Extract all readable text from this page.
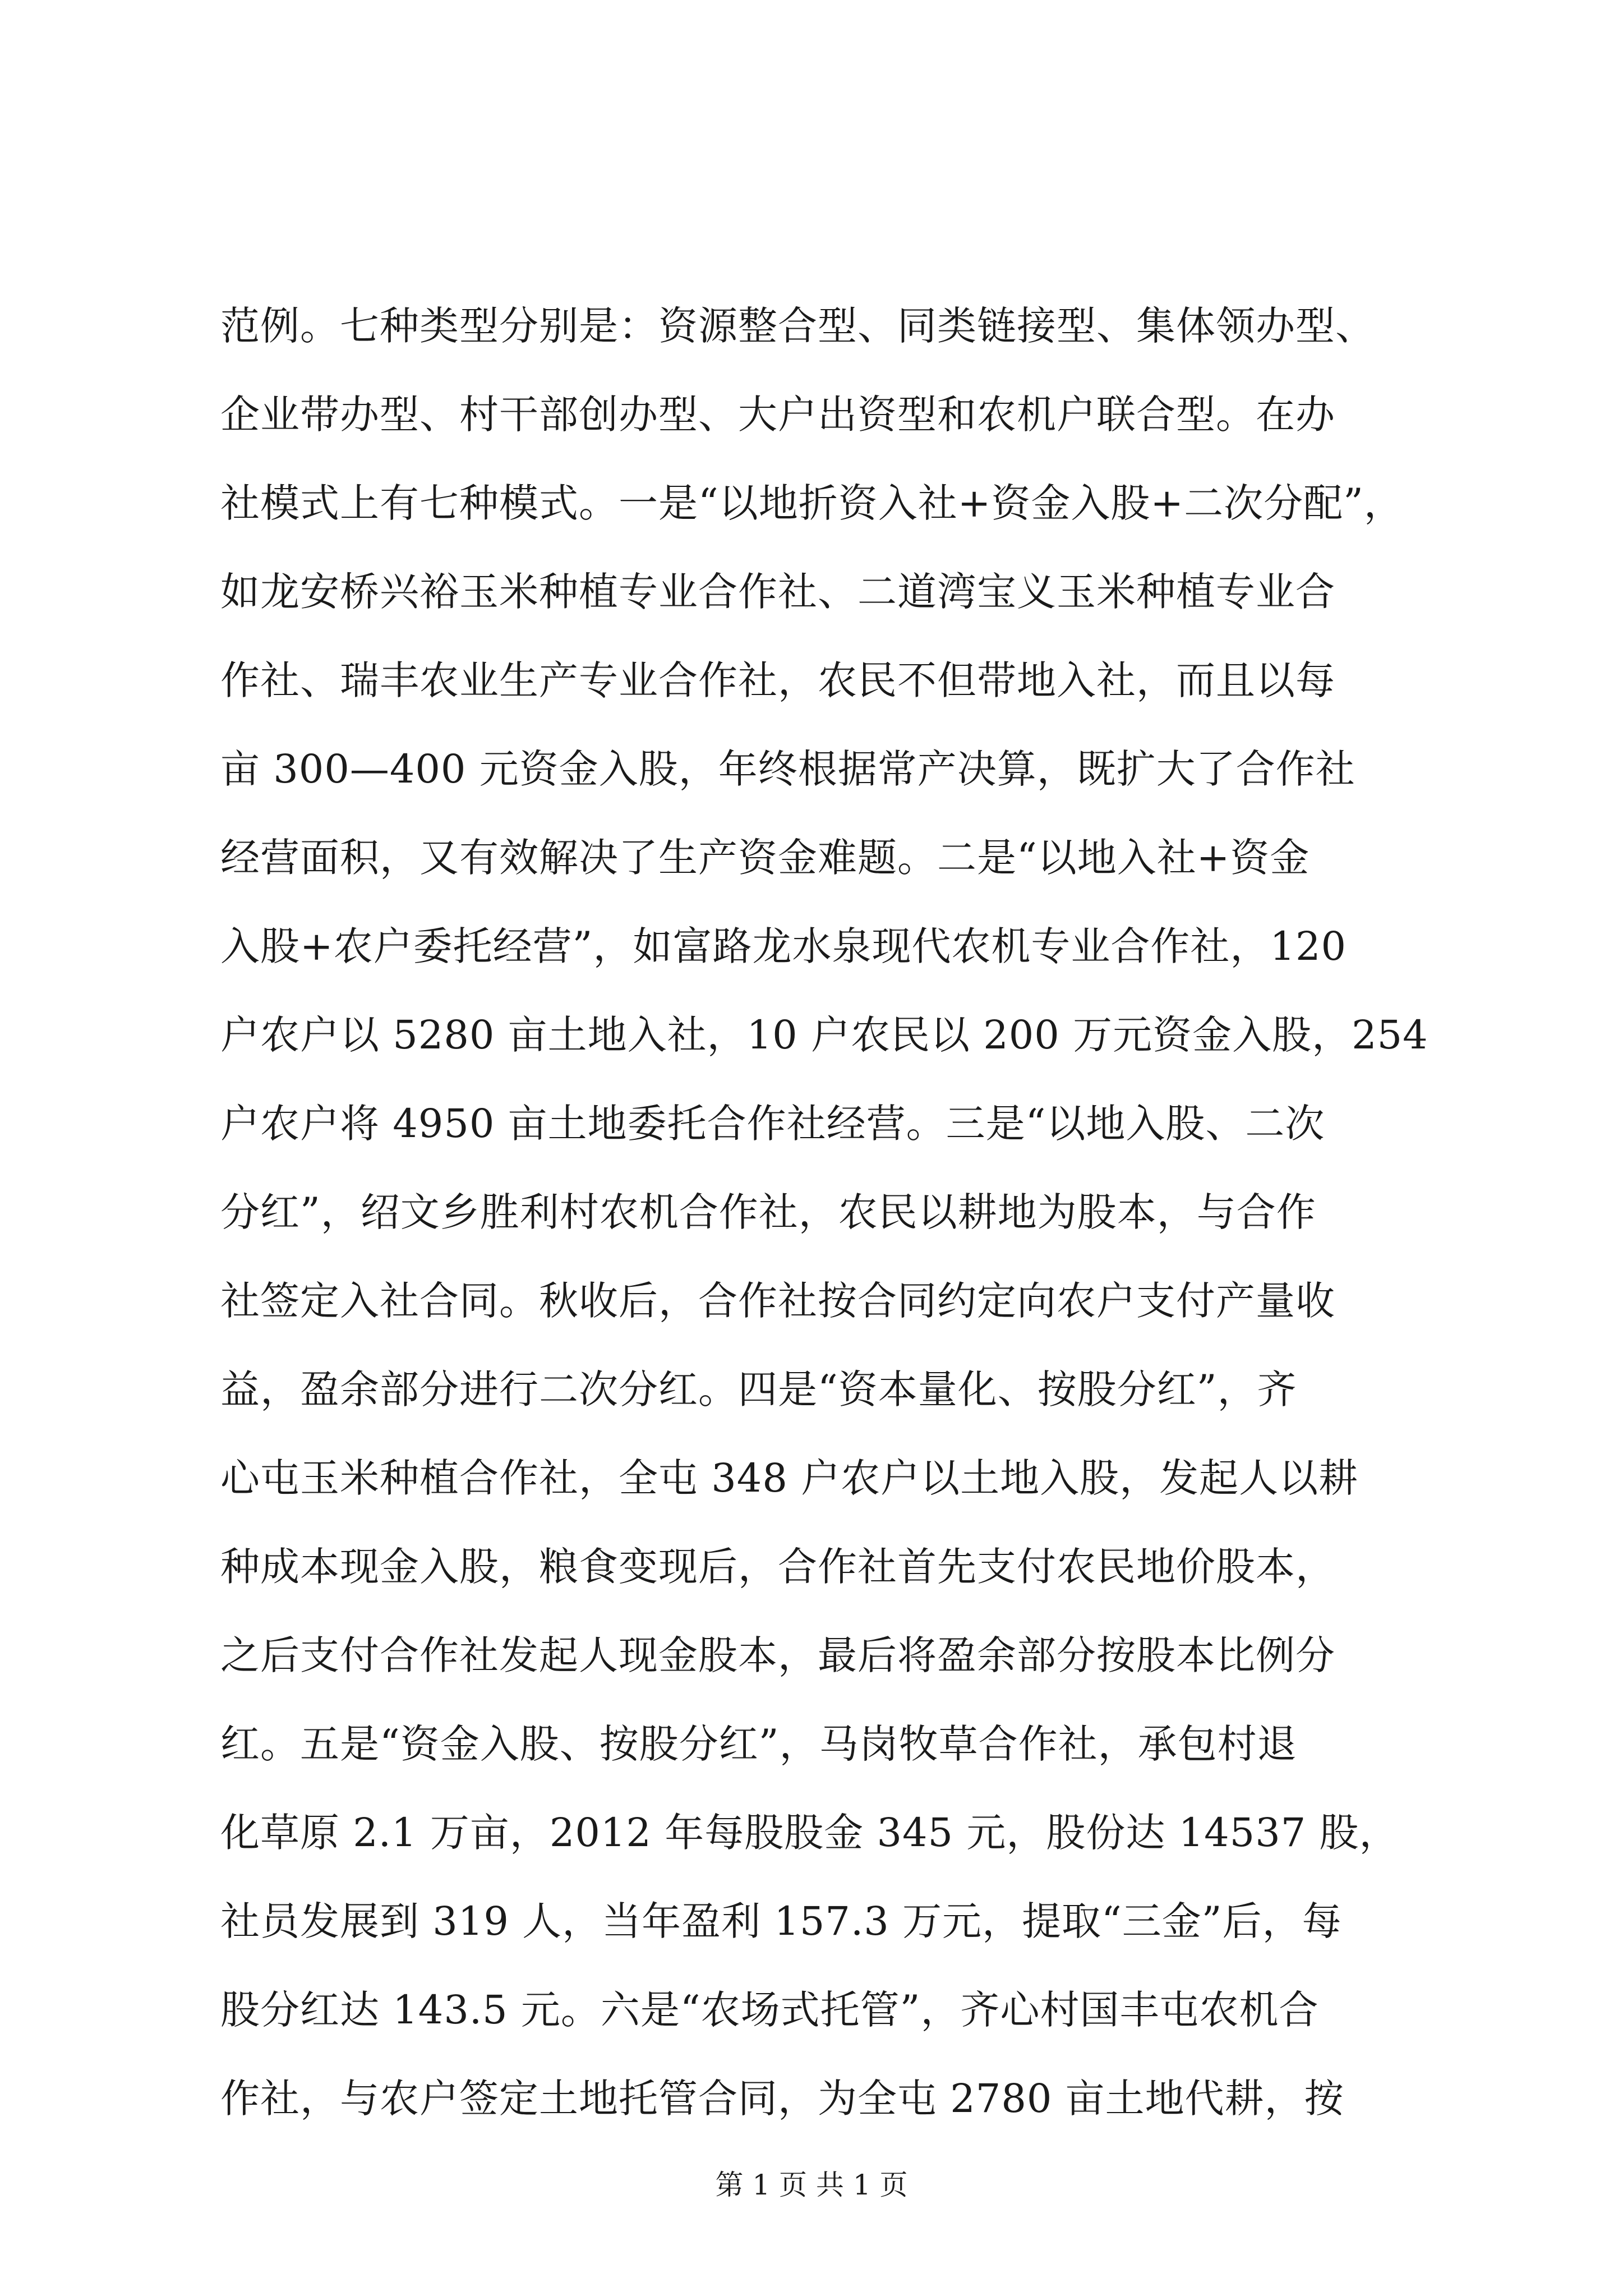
范例。七种类型分别是：资源整合型、同类链接型、集体领办型、
企业带办型、村干部创办型、大户出资型和农机户联合型。在办
社模式上有七种模式。一是“以地折资入社+资金入股+二次分配”，
如龙安桥兴裕玉米种植专业合作社、二道湾宝义玉米种植专业合
作社、瑞丰农业生产专业合作社，农民不但带地入社，而且以每
亩 300—400 元资金入股，年终根据常产决算，既扩大了合作社
经营面积，又有效解决了生产资金难题。二是“以地入社+资金
入股+农户委托经营”，如富路龙水泉现代农机专业合作社，120
户农户以 5280 亩土地入社，10 户农民以 200 万元资金入股，254
户农户将 4950 亩土地委托合作社经营。三是“以地入股、二次
分红”，绍文乡胜利村农机合作社，农民以耕地为股本，与合作
社签定入社合同。秋收后，合作社按合同约定向农户支付产量收
益，盈余部分进行二次分红。四是“资本量化、按股分红”，齐
心屯玉米种植合作社，全屯 348 户农户以土地入股，发起人以耕
种成本现金入股，粮食变现后，合作社首先支付农民地价股本，
之后支付合作社发起人现金股本，最后将盈余部分按股本比例分
红。五是“资金入股、按股分红”，马岗牧草合作社，承包村退
化草原 2.1 万亩，2012 年每股股金 345 元，股份达 14537 股，
社员发展到 319 人，当年盈利 157.3 万元，提取“三金”后，每
股分红达 143.5 元。六是“农场式托管”，齐心村国丰屯农机合
作社，与农户签定土地托管合同，为全屯 2780 亩土地代耕，按
第 1 页 共 1 页
